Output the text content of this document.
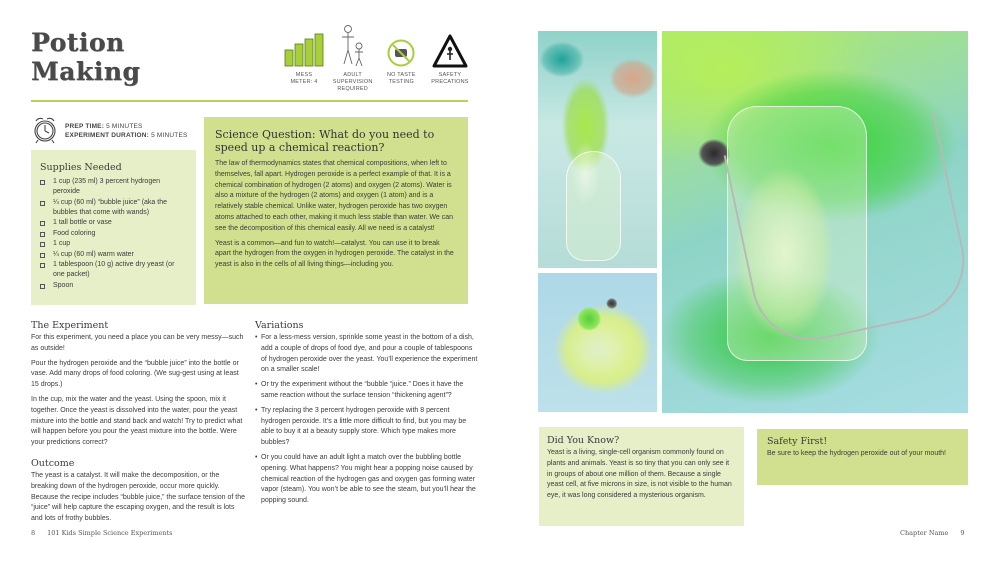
Potion
Making	MESS
METER: 4
ADULT
SUPERVISION
REQUIRED
NO TASTE
TESTING
SAFETY
PRECATIONS
PREP TIME: 5 MINUTES
EXPERIMENT DURATION: 5 MINUTES
Supplies Needed
1 cup (235 ml) 3 percent hydrogen peroxide
¼ cup (60 ml) “bubble juice” (aka the bubbles that come with wands)
1 tall bottle or vase
Food coloring
1 cup
¼ cup (60 ml) warm water
1 tablespoon (10 g) active dry yeast (or one packet)
Spoon
Science Question: What do you need to speed up a chemical reaction?

The law of thermodynamics states that chemical compositions, when left to themselves, fall apart. Hydrogen peroxide is a perfect example of that. It is a chemical combination of hydrogen (2 atoms) and oxygen (2 atoms). Water is also a mixture of the hydrogen (2 atoms) and oxygen (1 atom) and is a relatively stable chemical. Unlike water, hydrogen peroxide has two oxygen atoms attached to each other, making it much less stable than water. We can see the decomposition of this chemical easily. All we need is a catalyst!

Yeast is a common—and fun to watch!—catalyst. You can use it to break apart the hydrogen from the oxygen in hydrogen peroxide. The catalyst in the yeast is also in the cells of all living things—including you.

The Experiment

For this experiment, you need a place you can be very messy—such as outside!

Pour the hydrogen peroxide and the “bubble juice” into the bottle or vase. Add many drops of food coloring. (We sug-gest using at least 15 drops.)

In the cup, mix the water and the yeast. Using the spoon, mix it together. Once the yeast is dissolved into the water, pour the yeast mixture into the bottle and stand back and watch! Try to predict what will happen before you pour the yeast mixture into the bottle. Were your predictions correct?

Outcome

The yeast is a catalyst. It will make the decomposition, or the breaking down of the hydrogen peroxide, occur more quickly. Because the recipe includes “bubble juice,” the surface tension of the “juice” will help capture the escaping oxygen, and the result is lots and lots of frothy bubbles.

Variations
• For a less-mess version, sprinkle some yeast in the bottom of a dish, add a couple of drops of food dye, and pour a couple of tablespoons of hydrogen peroxide over the yeast. You’ll experience the experiment on a smaller scale!
• Or try the experiment without the “bubble “juice.” Does it have the same reaction without the surface tension “thickening agent”?
• Try replacing the 3 percent hydrogen peroxide with 8 percent hydrogen peroxide. It’s a little more difficult to find, but you may be able to buy it at a beauty supply store. Which type makes more bubbles?
• Or you could have an adult light a match over the bubbling bottle opening. What happens? You might hear a popping noise caused by chemical reaction of the hydrogen gas and oxygen gas forming water vapor (steam). You won’t be able to see the steam, but you’ll hear the popping sound.
8 101 Kids Simple Science Experiments
Did You Know?

Yeast is a living, single-cell organism commonly found on plants and animals. Yeast is so tiny that you can only see it in groups of about one million of them. Because a single yeast cell, at five microns in size, is not visible to the human eye, it was long considered a mysterious organism.

Safety First!

Be sure to keep the hydrogen peroxide out of your mouth!

Chapter Name 9
